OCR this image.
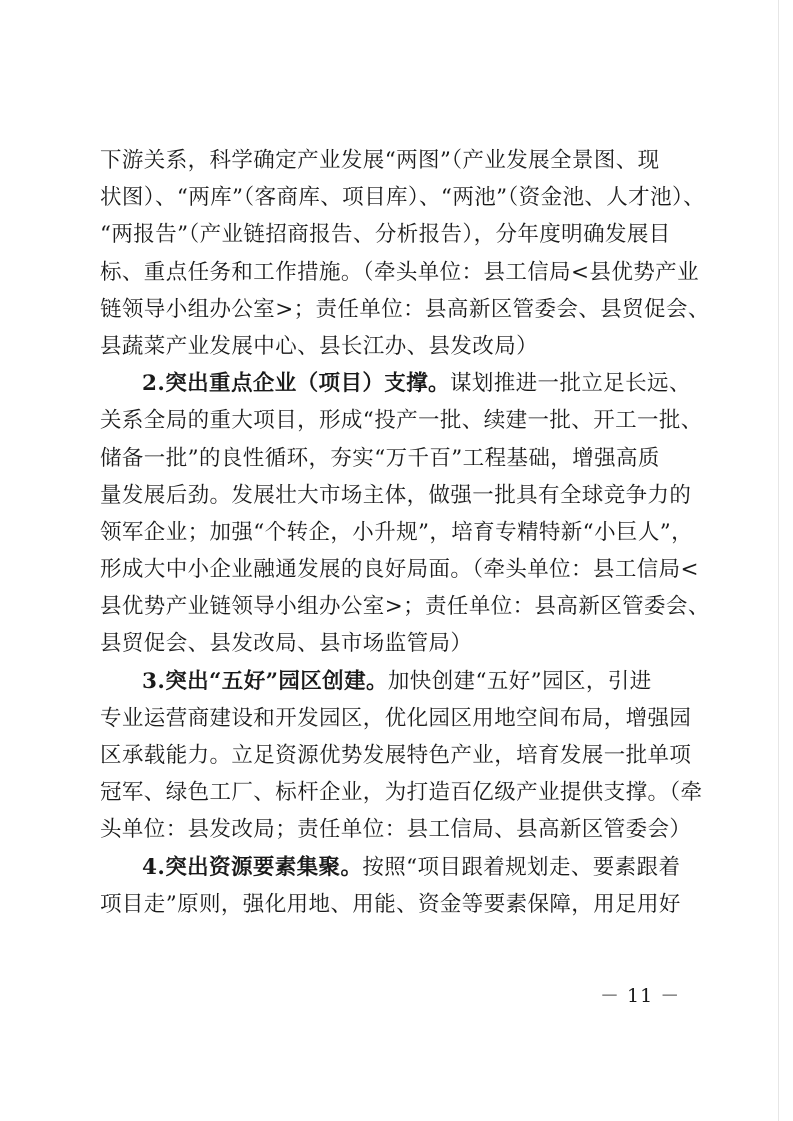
下游关系，科学确定产业发展“两图”（产业发展全景图、现
状图）、“两库”（客商库、项目库）、“两池”（资金池、人才池）、
“两报告”（产业链招商报告、分析报告），分年度明确发展目
标、重点任务和工作措施。（牵头单位：县工信局<县优势产业
链领导小组办公室>；责任单位：县高新区管委会、县贸促会、
县蔬菜产业发展中心、县长江办、县发改局）
2.突出重点企业（项目）支撑。谋划推进一批立足长远、
关系全局的重大项目，形成“投产一批、续建一批、开工一批、
储备一批”的良性循环，夯实“万千百”工程基础，增强高质
量发展后劲。发展壮大市场主体，做强一批具有全球竞争力的
领军企业；加强“个转企，小升规”，培育专精特新“小巨人”，
形成大中小企业融通发展的良好局面。（牵头单位：县工信局<
县优势产业链领导小组办公室>；责任单位：县高新区管委会、
县贸促会、县发改局、县市场监管局）
3.突出“五好”园区创建。加快创建“五好”园区，引进
专业运营商建设和开发园区，优化园区用地空间布局，增强园
区承载能力。立足资源优势发展特色产业，培育发展一批单项
冠军、绿色工厂、标杆企业，为打造百亿级产业提供支撑。（牵
头单位：县发改局；责任单位：县工信局、县高新区管委会）
4.突出资源要素集聚。按照“项目跟着规划走、要素跟着
项目走”原则，强化用地、用能、资金等要素保障，用足用好
－ 11 －
